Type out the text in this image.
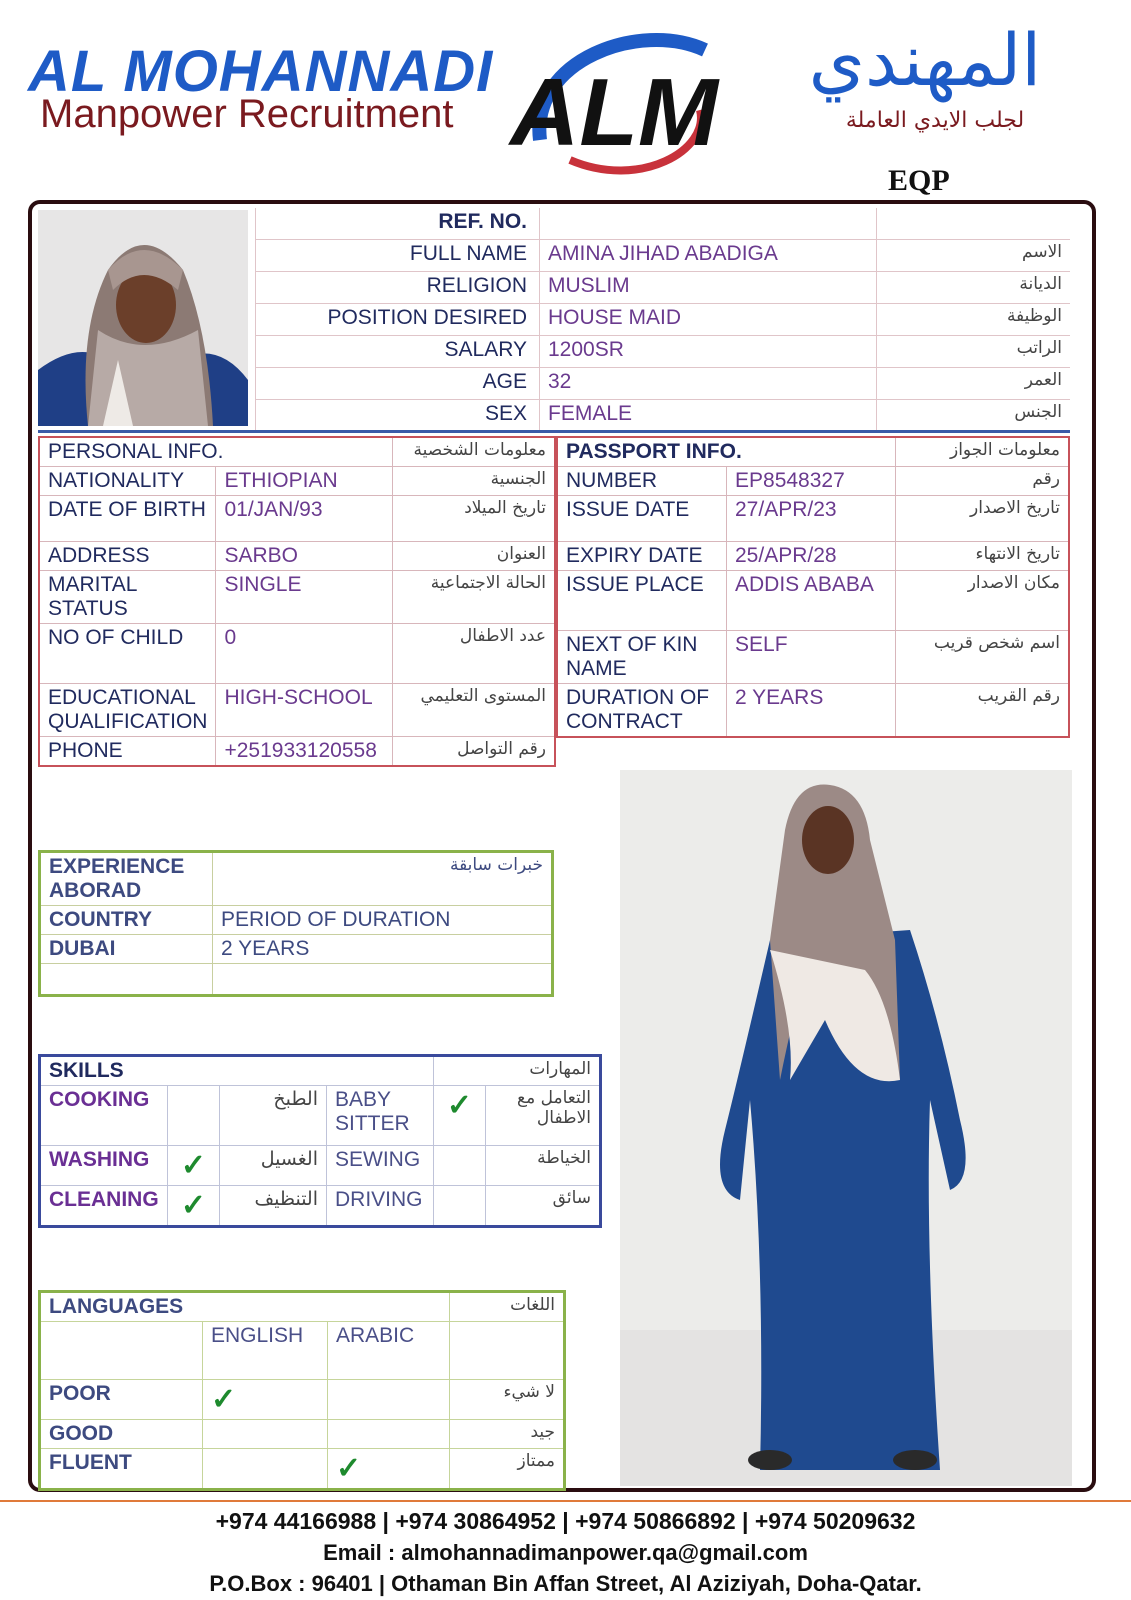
AL MOHANNADI
Manpower Recruitment ALM	المهندي
لجلب الايدي العاملة
EQP
REF. NO.		
FULL NAME	AMINA JIHAD ABADIGA	الاسم
RELIGION	MUSLIM	الديانة
POSITION DESIRED	HOUSE MAID	الوظيفة
SALARY	1200SR	الراتب
AGE	32	العمر
SEX	FEMALE	الجنس
PERSONAL INFO.		معلومات الشخصية
NATIONALITY	ETHIOPIAN	الجنسية
DATE OF BIRTH	01/JAN/93	تاريخ الميلاد
ADDRESS	SARBO	العنوان
MARITAL STATUS	SINGLE	الحالة الاجتماعية
NO OF CHILD	0	عدد الاطفال
EDUCATIONAL QUALIFICATION	HIGH-SCHOOL	المستوى التعليمي
PHONE	+251933120558	رقم التواصل
PASSPORT INFO.		معلومات الجواز
NUMBER	EP8548327	رقم
ISSUE DATE	27/APR/23	تاريخ الاصدار
EXPIRY DATE	25/APR/28	تاريخ الانتهاء
ISSUE PLACE	ADDIS ABABA	مكان الاصدار
NEXT OF KIN NAME	SELF	اسم شخص قريب
DURATION OF CONTRACT	2 YEARS	رقم القريب
EXPERIENCE ABORAD	خبرات سابقة
COUNTRY	PERIOD OF DURATION
DUBAI	2 YEARS

SKILLS				المهارات	
COOKING		الطبخ	BABY SITTER	✓	التعامل مع الاطفال
WASHING	✓	الغسيل	SEWING		الخياطة
CLEANING	✓	التنظيف	DRIVING		سائق
LANGUAGES			اللغات
	ENGLISH	ARABIC	
POOR	✓		لا شيء
GOOD			جيد
FLUENT		✓	ممتاز
+974 44166988 | +974 30864952 | +974 50866892 | +974 50209632
Email : almohannadimanpower.qa@gmail.com
P.O.Box : 96401 | Othaman Bin Affan Street, Al Aziziyah, Doha-Qatar.
